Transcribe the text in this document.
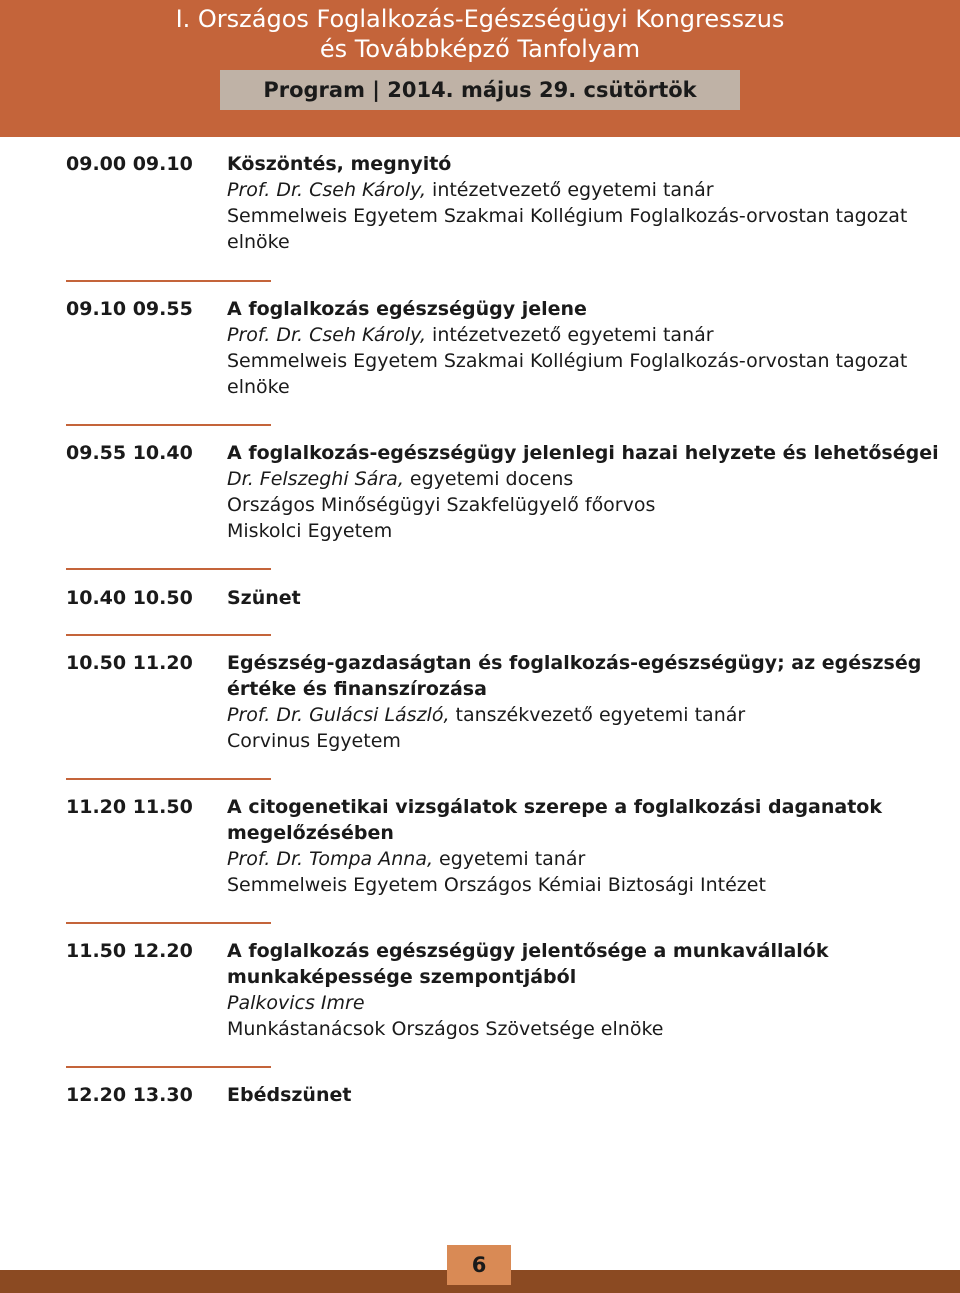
I. Országos Foglalkozás-Egészségügyi Kongresszus
és Továbbképző Tanfolyam
Program | 2014. május 29. csütörtök
09.00 09.10	Köszöntés, megnyitó
Prof. Dr. Cseh Károly, intézetvezető egyetemi tanár
Semmelweis Egyetem Szakmai Kollégium Foglalkozás-orvostan tagozat
elnöke
09.10 09.55	A foglalkozás egészségügy jelene
Prof. Dr. Cseh Károly, intézetvezető egyetemi tanár
Semmelweis Egyetem Szakmai Kollégium Foglalkozás-orvostan tagozat
elnöke
09.55 10.40	A foglalkozás-egészségügy jelenlegi hazai helyzete és lehetőségei
Dr. Felszeghi Sára, egyetemi docens
Országos Minőségügyi Szakfelügyelő főorvos
Miskolci Egyetem
10.40 10.50	Szünet
10.50 11.20	Egészség-gazdaságtan és foglalkozás-egészségügy; az egészség
értéke és finanszírozása
Prof. Dr. Gulácsi László, tanszékvezető egyetemi tanár
Corvinus Egyetem
11.20 11.50	A citogenetikai vizsgálatok szerepe a foglalkozási daganatok
megelőzésében
Prof. Dr. Tompa Anna, egyetemi tanár
Semmelweis Egyetem Országos Kémiai Biztosági Intézet
11.50 12.20	A foglalkozás egészségügy jelentősége a munkavállalók
munkaképessége szempontjából
Palkovics Imre
Munkástanácsok Országos Szövetsége elnöke
12.20 13.30	Ebédszünet
6
